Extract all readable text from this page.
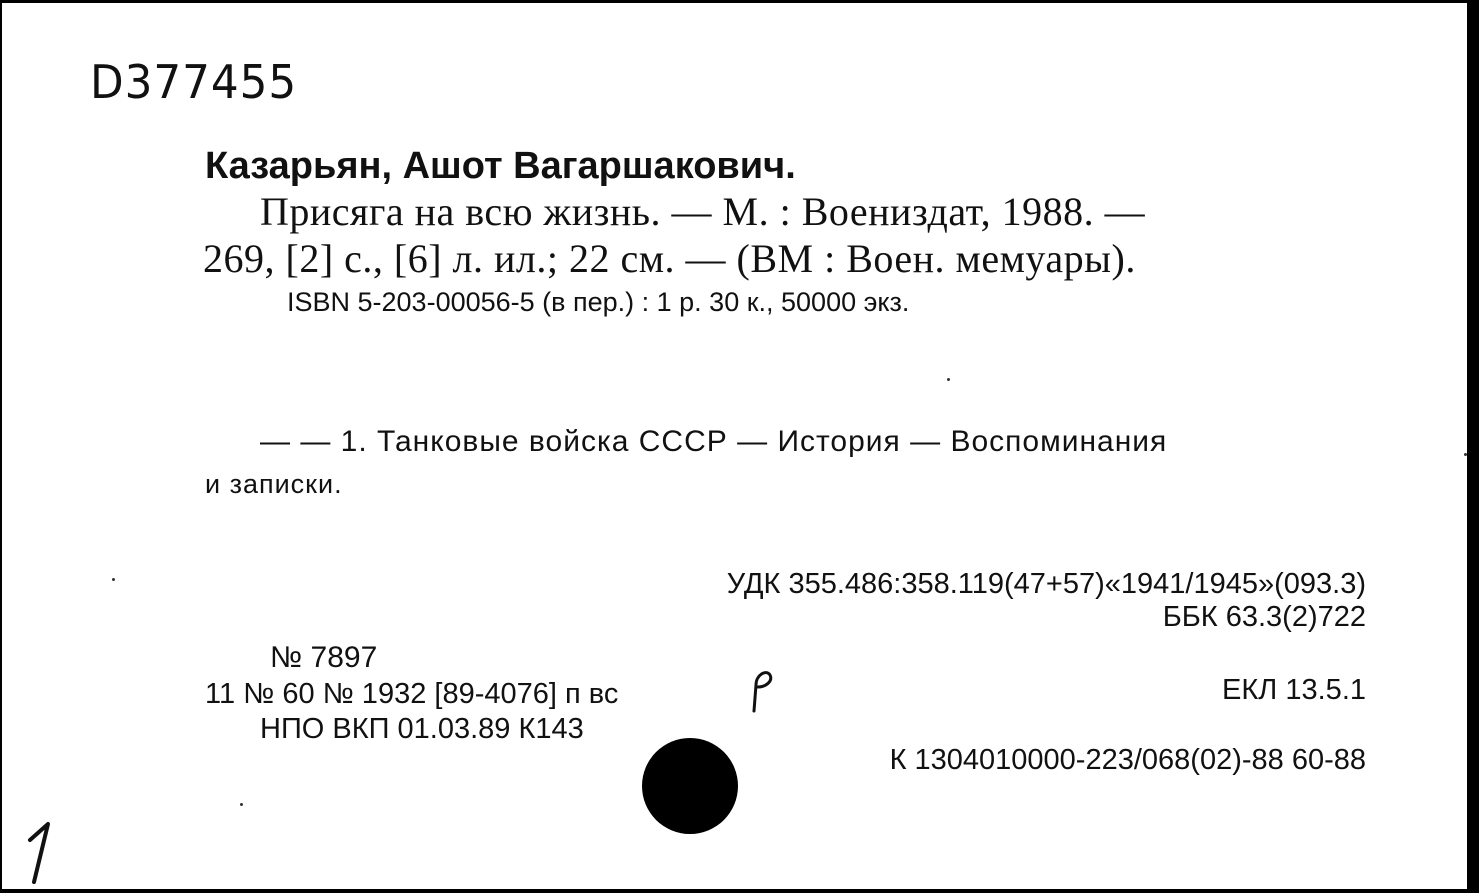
D377455
Казарьян, Ашот Вагаршакович.
Присяга на всю жизнь. — М. : Воениздат, 1988. —
269, [2] с., [6] л. ил.; 22 см. — (ВМ : Воен. мемуары).
ISBN 5-203-00056-5 (в пер.) : 1 р. 30 к., 50000 экз.
— — 1. Танковые войска СССР — История — Воспоминания
и записки.
УДК 355.486:358.119(47+57)«1941/1945»(093.3)
ББК 63.3(2)722
№ 7897
11 № 60 № 1932 [89-4076] п вс
НПО ВКП 01.03.89 К143
ЕКЛ 13.5.1
К 1304010000-223/068(02)-88 60-88
